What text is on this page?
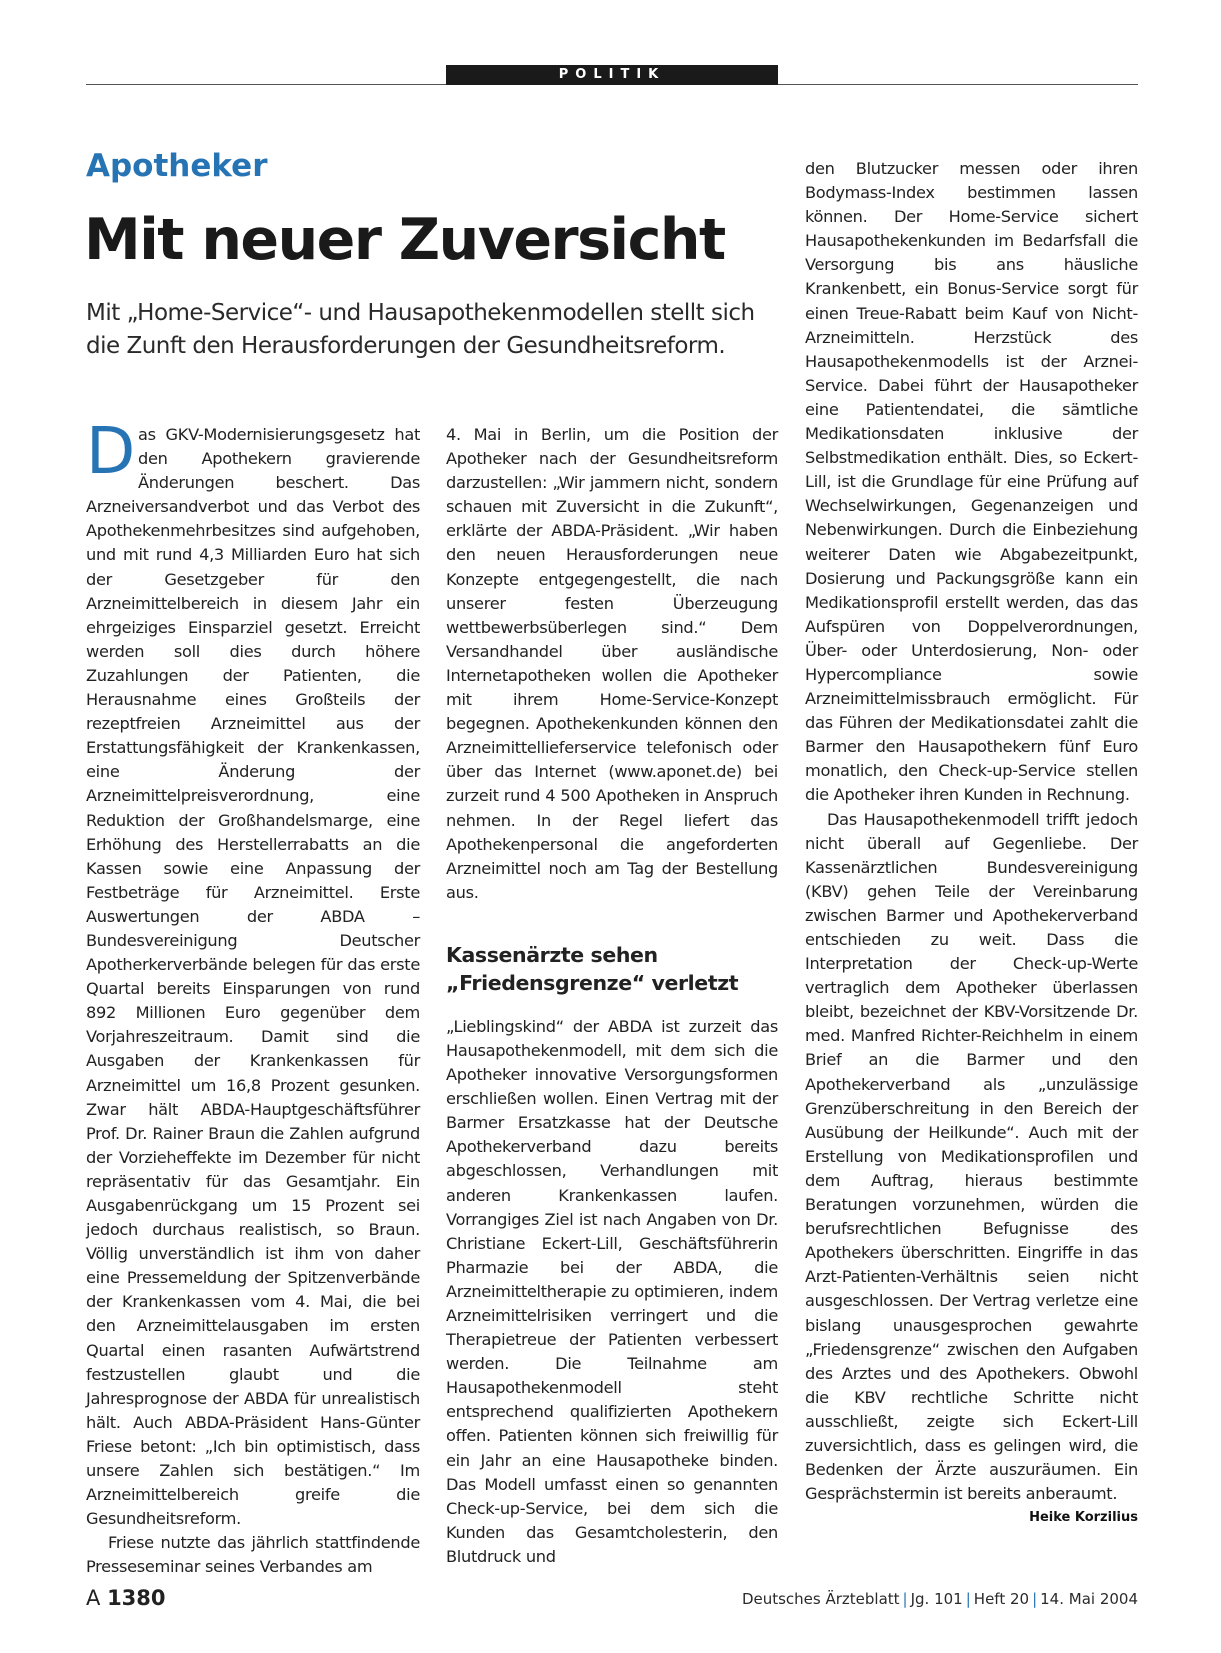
POLITIK
Apotheker
Mit neuer Zuversicht
Mit „Home-Service“- und Hausapothekenmodellen stellt sich die Zunft den Herausforderungen der Gesundheitsreform.

Das GKV-Modernisierungsgesetz hat den Apothekern gravierende Änderungen beschert. Das Arzneiversandverbot und das Verbot des Apothekenmehrbesitzes sind aufgehoben, und mit rund 4,3 Milliarden Euro hat sich der Gesetzgeber für den Arzneimittelbereich in diesem Jahr ein ehrgeiziges Einsparziel gesetzt. Erreicht werden soll dies durch höhere Zuzahlungen der Patienten, die Herausnahme eines Großteils der rezeptfreien Arzneimittel aus der Erstattungsfähigkeit der Krankenkassen, eine Änderung der Arzneimittelpreisverordnung, eine Reduktion der Großhandelsmarge, eine Erhöhung des Herstellerrabatts an die Kassen sowie eine Anpassung der Festbeträge für Arzneimittel. Erste Auswertungen der ABDA – Bundesvereinigung Deutscher Apotherkerverbände belegen für das erste Quartal bereits Einsparungen von rund 892 Millionen Euro gegenüber dem Vorjahreszeitraum. Damit sind die Ausgaben der Krankenkassen für Arzneimittel um 16,8 Prozent gesunken. Zwar hält ABDA-Hauptgeschäftsführer Prof. Dr. Rainer Braun die Zahlen aufgrund der Vorzieheffekte im Dezember für nicht repräsentativ für das Gesamtjahr. Ein Ausgabenrückgang um 15 Prozent sei jedoch durchaus realistisch, so Braun. Völlig unverständlich ist ihm von daher eine Pressemeldung der Spitzenverbände der Krankenkassen vom 4. Mai, die bei den Arzneimittelausgaben im ersten Quartal einen rasanten Aufwärtstrend festzustellen glaubt und die Jahresprognose der ABDA für unrealistisch hält. Auch ABDA-Präsident Hans-Günter Friese betont: „Ich bin optimistisch, dass unsere Zahlen sich bestätigen.“ Im Arzneimittelbereich greife die Gesundheitsreform.

Friese nutzte das jährlich stattfindende Presseseminar seines Verbandes am

4. Mai in Berlin, um die Position der Apotheker nach der Gesundheitsreform darzustellen: „Wir jammern nicht, sondern schauen mit Zuversicht in die Zukunft“, erklärte der ABDA-Präsident. „Wir haben den neuen Herausforderungen neue Konzepte entgegengestellt, die nach unserer festen Überzeugung wettbewerbsüberlegen sind.“ Dem Versandhandel über ausländische Internetapotheken wollen die Apotheker mit ihrem Home-Service-Konzept begegnen. Apothekenkunden können den Arzneimittellieferservice telefonisch oder über das Internet (www.aponet.de) bei zurzeit rund 4 500 Apotheken in Anspruch nehmen. In der Regel liefert das Apothekenpersonal die angeforderten Arzneimittel noch am Tag der Bestellung aus.

Kassenärzte sehen „Friedensgrenze“ verletzt

„Lieblingskind“ der ABDA ist zurzeit das Hausapothekenmodell, mit dem sich die Apotheker innovative Versorgungsformen erschließen wollen. Einen Vertrag mit der Barmer Ersatzkasse hat der Deutsche Apothekerverband dazu bereits abgeschlossen, Verhandlungen mit anderen Krankenkassen laufen. Vorrangiges Ziel ist nach Angaben von Dr. Christiane Eckert-Lill, Geschäftsführerin Pharmazie bei der ABDA, die Arzneimitteltherapie zu optimieren, indem Arzneimittelrisiken verringert und die Therapietreue der Patienten verbessert werden. Die Teilnahme am Hausapothekenmodell steht entsprechend qualifizierten Apothekern offen. Patienten können sich freiwillig für ein Jahr an eine Hausapotheke binden. Das Modell umfasst einen so genannten Check-up-Service, bei dem sich die Kunden das Gesamtcholesterin, den Blutdruck und

den Blutzucker messen oder ihren Bodymass-Index bestimmen lassen können. Der Home-Service sichert Hausapothekenkunden im Bedarfsfall die Versorgung bis ans häusliche Krankenbett, ein Bonus-Service sorgt für einen Treue-Rabatt beim Kauf von Nicht-Arzneimitteln. Herzstück des Hausapothekenmodells ist der Arznei-Service. Dabei führt der Hausapotheker eine Patientendatei, die sämtliche Medikationsdaten inklusive der Selbstmedikation enthält. Dies, so Eckert-Lill, ist die Grundlage für eine Prüfung auf Wechselwirkungen, Gegenanzeigen und Nebenwirkungen. Durch die Einbeziehung weiterer Daten wie Abgabezeitpunkt, Dosierung und Packungsgröße kann ein Medikationsprofil erstellt werden, das das Aufspüren von Doppelverordnungen, Über- oder Unterdosierung, Non- oder Hypercompliance sowie Arzneimittelmissbrauch ermöglicht. Für das Führen der Medikationsdatei zahlt die Barmer den Hausapothekern fünf Euro monatlich, den Check-up-Service stellen die Apotheker ihren Kunden in Rechnung.

Das Hausapothekenmodell trifft jedoch nicht überall auf Gegenliebe. Der Kassenärztlichen Bundesvereinigung (KBV) gehen Teile der Vereinbarung zwischen Barmer und Apothekerverband entschieden zu weit. Dass die Interpretation der Check-up-Werte vertraglich dem Apotheker überlassen bleibt, bezeichnet der KBV-Vorsitzende Dr. med. Manfred Richter-Reichhelm in einem Brief an die Barmer und den Apothekerverband als „unzulässige Grenzüberschreitung in den Bereich der Ausübung der Heilkunde“. Auch mit der Erstellung von Medikationsprofilen und dem Auftrag, hieraus bestimmte Beratungen vorzunehmen, würden die berufsrechtlichen Befugnisse des Apothekers überschritten. Eingriffe in das Arzt-Patienten-Verhältnis seien nicht ausgeschlossen. Der Vertrag verletze eine bislang unausgesprochen gewahrte „Friedensgrenze“ zwischen den Aufgaben des Arztes und des Apothekers. Obwohl die KBV rechtliche Schritte nicht ausschließt, zeigte sich Eckert-Lill zuversichtlich, dass es gelingen wird, die Bedenken der Ärzte auszuräumen. Ein Gesprächstermin ist bereits anberaumt.
Heike Korzilius

A 1380	Deutsches Ärzteblatt | Jg. 101 | Heft 20 | 14. Mai 2004
